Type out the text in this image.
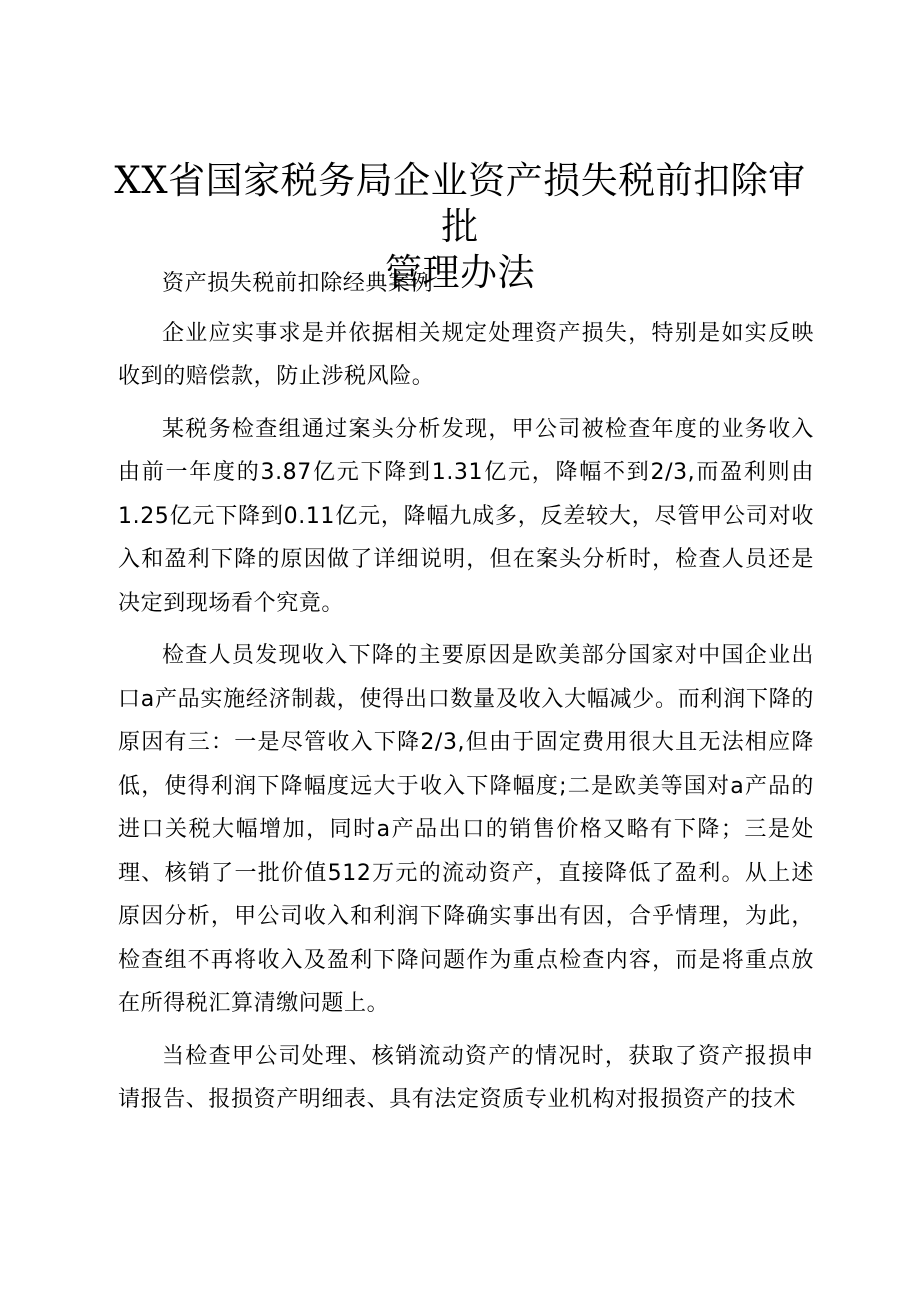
XX省国家税务局企业资产损失税前扣除审批
管理办法

资产损失税前扣除经典案例

企业应实事求是并依据相关规定处理资产损失，特别是如实反映收到的赔偿款，防止涉税风险。

某税务检查组通过案头分析发现，甲公司被检查年度的业务收入由前一年度的3.87亿元下降到1.31亿元，降幅不到2/3,而盈利则由1.25亿元下降到0.11亿元，降幅九成多，反差较大，尽管甲公司对收入和盈利下降的原因做了详细说明，但在案头分析时，检查人员还是决定到现场看个究竟。

检查人员发现收入下降的主要原因是欧美部分国家对中国企业出口a产品实施经济制裁，使得出口数量及收入大幅减少。而利润下降的原因有三：一是尽管收入下降2/3,但由于固定费用很大且无法相应降低，使得利润下降幅度远大于收入下降幅度;二是欧美等国对a产品的进口关税大幅增加，同时a产品出口的销售价格又略有下降；三是处理、核销了一批价值512万元的流动资产，直接降低了盈利。从上述原因分析，甲公司收入和利润下降确实事出有因，合乎情理，为此，检查组不再将收入及盈利下降问题作为重点检查内容，而是将重点放在所得税汇算清缴问题上。

当检查甲公司处理、核销流动资产的情况时，获取了资产报损申请报告、报损资产明细表、具有法定资质专业机构对报损资产的技术
